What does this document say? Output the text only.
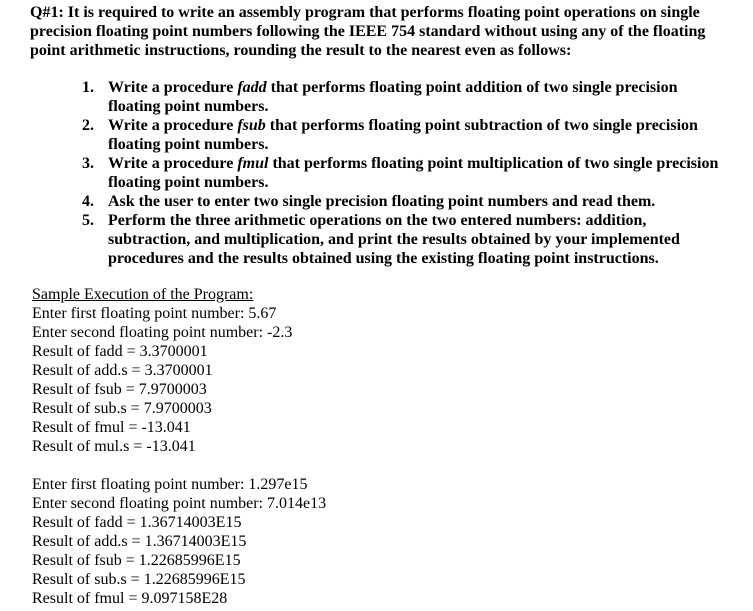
Q#1: It is required to write an assembly program that performs floating point operations on single precision floating point numbers following the IEEE 754 standard without using any of the floating point arithmetic instructions, rounding the result to the nearest even as follows:

1. Write a procedure fadd that performs floating point addition of two single precision floating point numbers.
2. Write a procedure fsub that performs floating point subtraction of two single precision floating point numbers.
3. Write a procedure fmul that performs floating point multiplication of two single precision floating point numbers.
4. Ask the user to enter two single precision floating point numbers and read them.
5. Perform the three arithmetic operations on the two entered numbers: addition, subtraction, and multiplication, and print the results obtained by your implemented procedures and the results obtained using the existing floating point instructions.
Sample Execution of the Program:
Enter first floating point number: 5.67
Enter second floating point number: -2.3
Result of fadd = 3.3700001
Result of add.s = 3.3700001
Result of fsub = 7.9700003
Result of sub.s = 7.9700003
Result of fmul = -13.041
Result of mul.s = -13.041
Enter first floating point number: 1.297e15
Enter second floating point number: 7.014e13
Result of fadd = 1.36714003E15
Result of add.s = 1.36714003E15
Result of fsub = 1.22685996E15
Result of sub.s = 1.22685996E15
Result of fmul = 9.097158E28
